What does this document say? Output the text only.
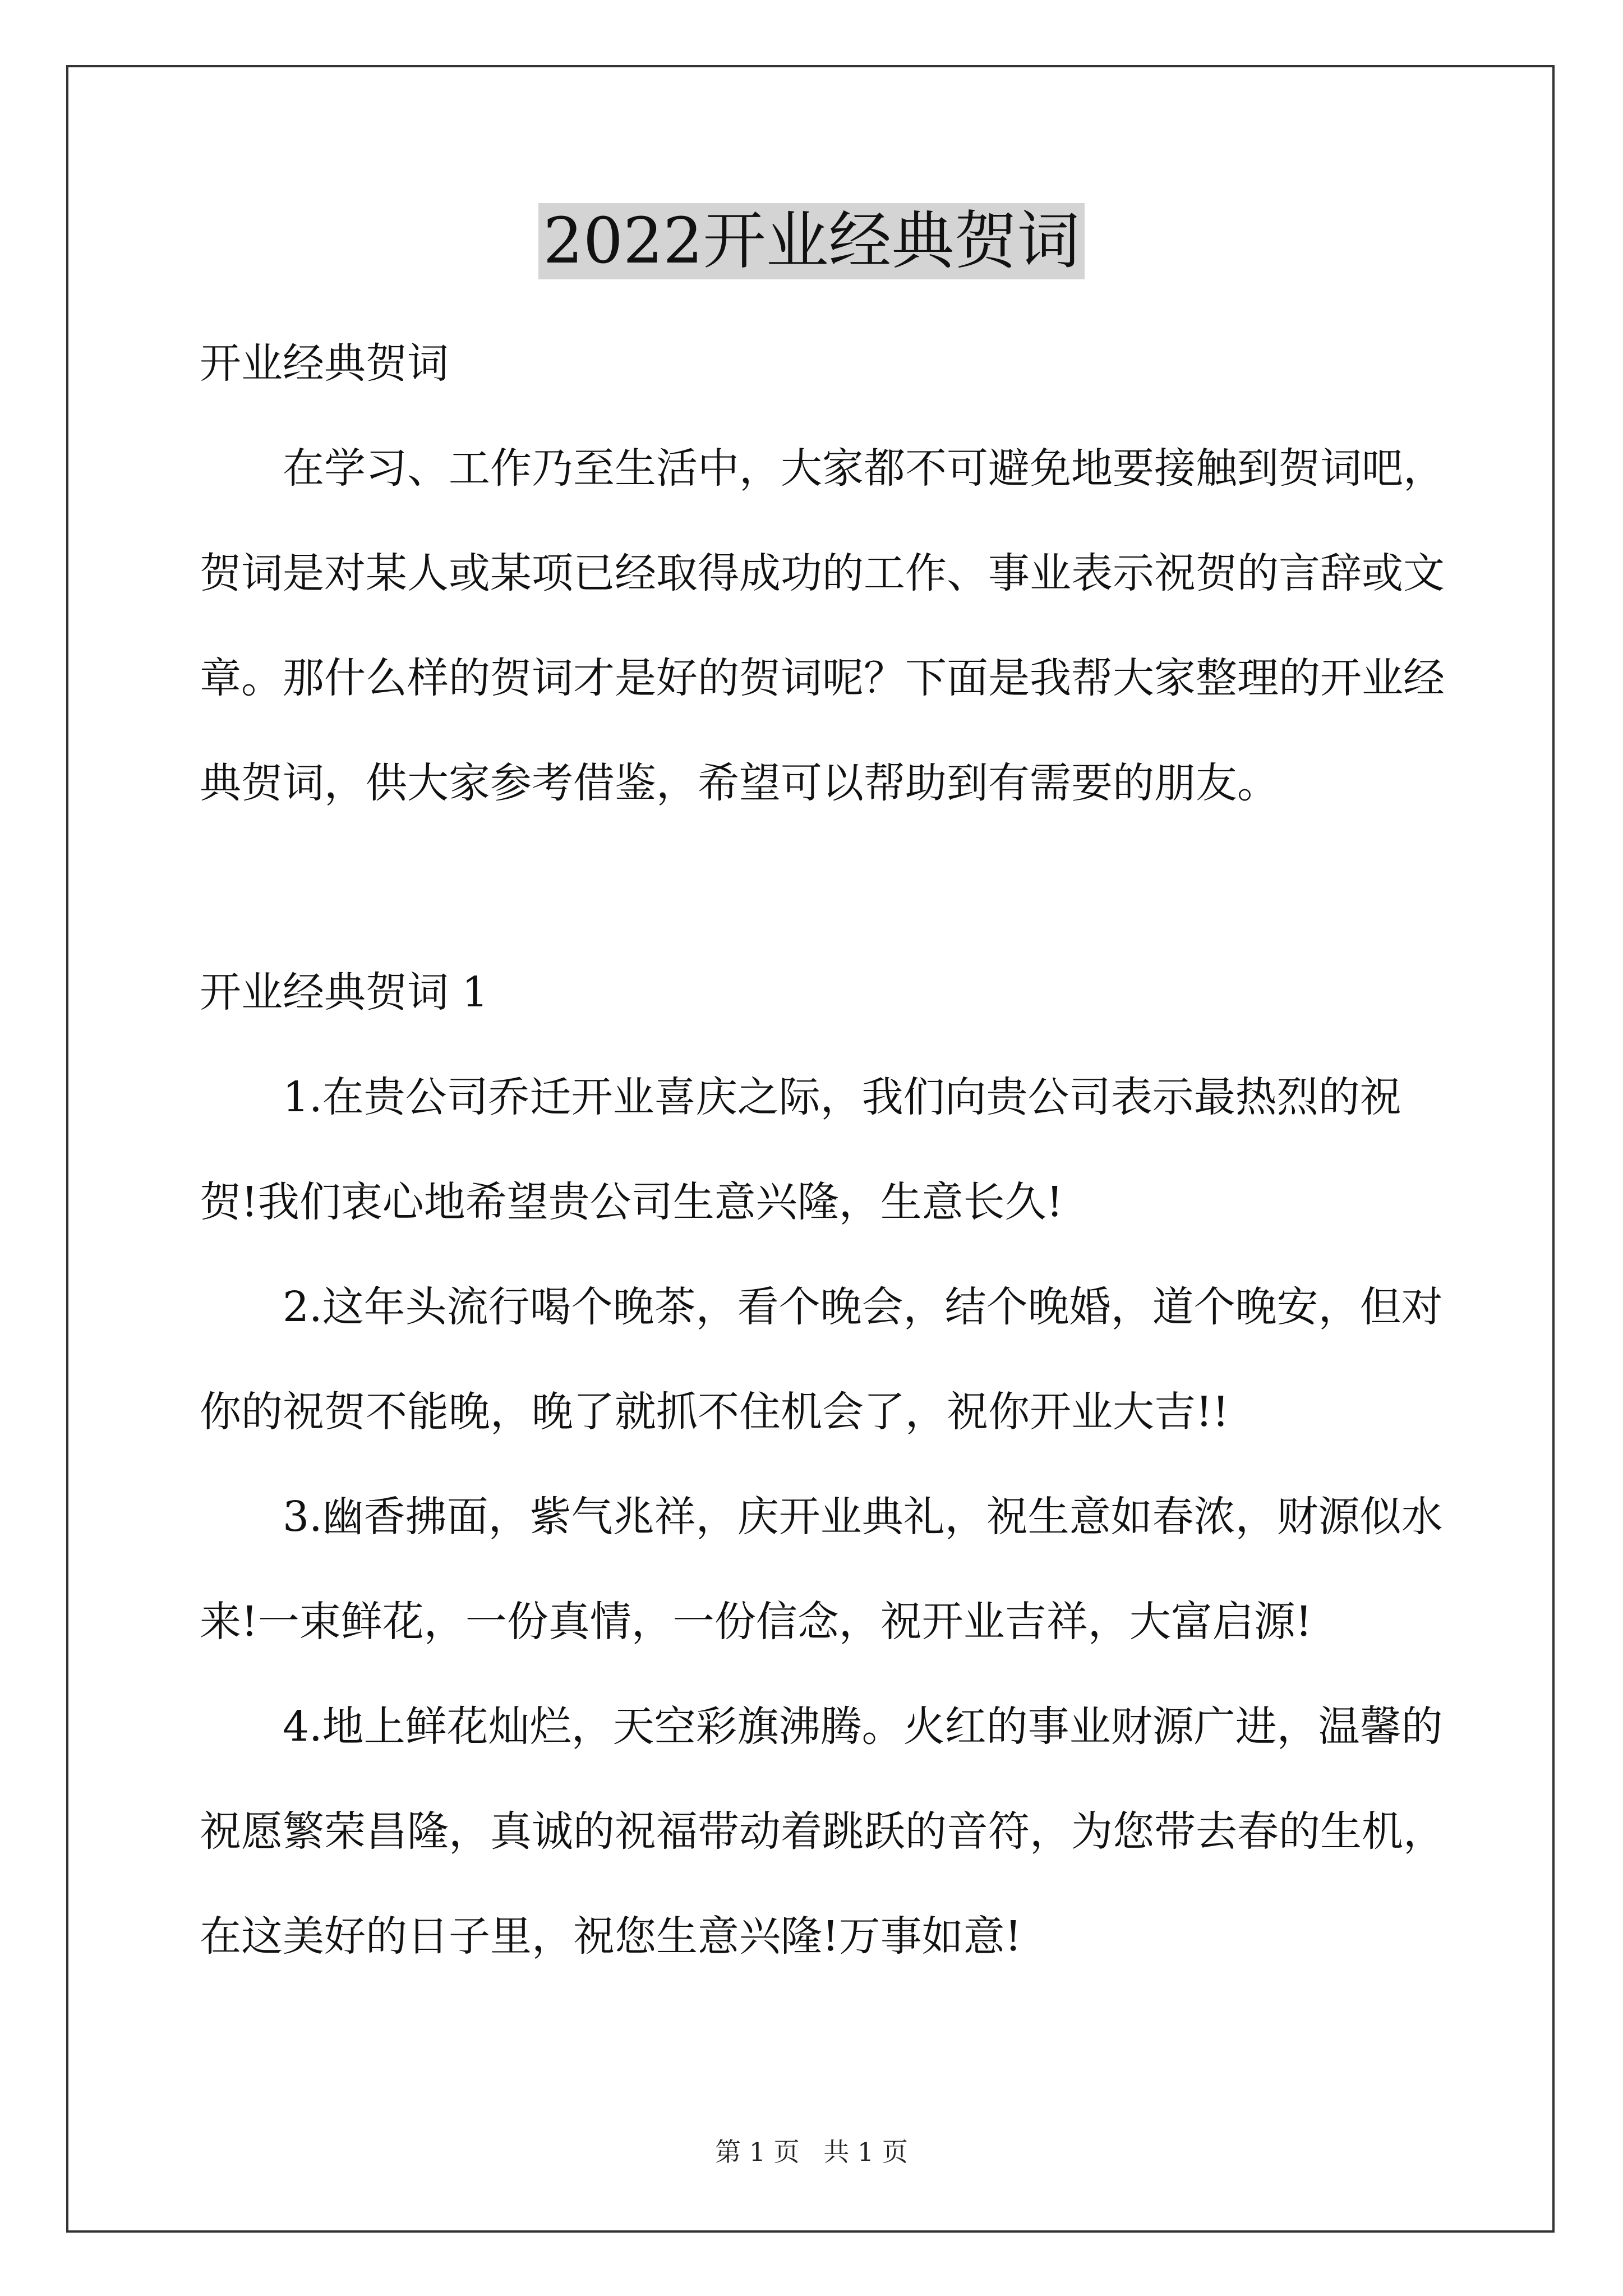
2022开业经典贺词

开业经典贺词

在学习、工作乃至生活中，大家都不可避免地要接触到贺词吧，贺词是对某人或某项已经取得成功的工作、事业表示祝贺的言辞或文章。那什么样的贺词才是好的贺词呢？下面是我帮大家整理的开业经典贺词，供大家参考借鉴，希望可以帮助到有需要的朋友。

开业经典贺词 1

1.在贵公司乔迁开业喜庆之际，我们向贵公司表示最热烈的祝贺!我们衷心地希望贵公司生意兴隆，生意长久!

2.这年头流行喝个晚茶，看个晚会，结个晚婚，道个晚安，但对你的祝贺不能晚，晚了就抓不住机会了，祝你开业大吉!!

3.幽香拂面，紫气兆祥，庆开业典礼，祝生意如春浓，财源似水来!一束鲜花，一份真情，一份信念，祝开业吉祥，大富启源!

4.地上鲜花灿烂，天空彩旗沸腾。火红的事业财源广进，温馨的祝愿繁荣昌隆，真诚的祝福带动着跳跃的音符，为您带去春的生机，在这美好的日子里，祝您生意兴隆!万事如意!

第 1 页 共 1 页
